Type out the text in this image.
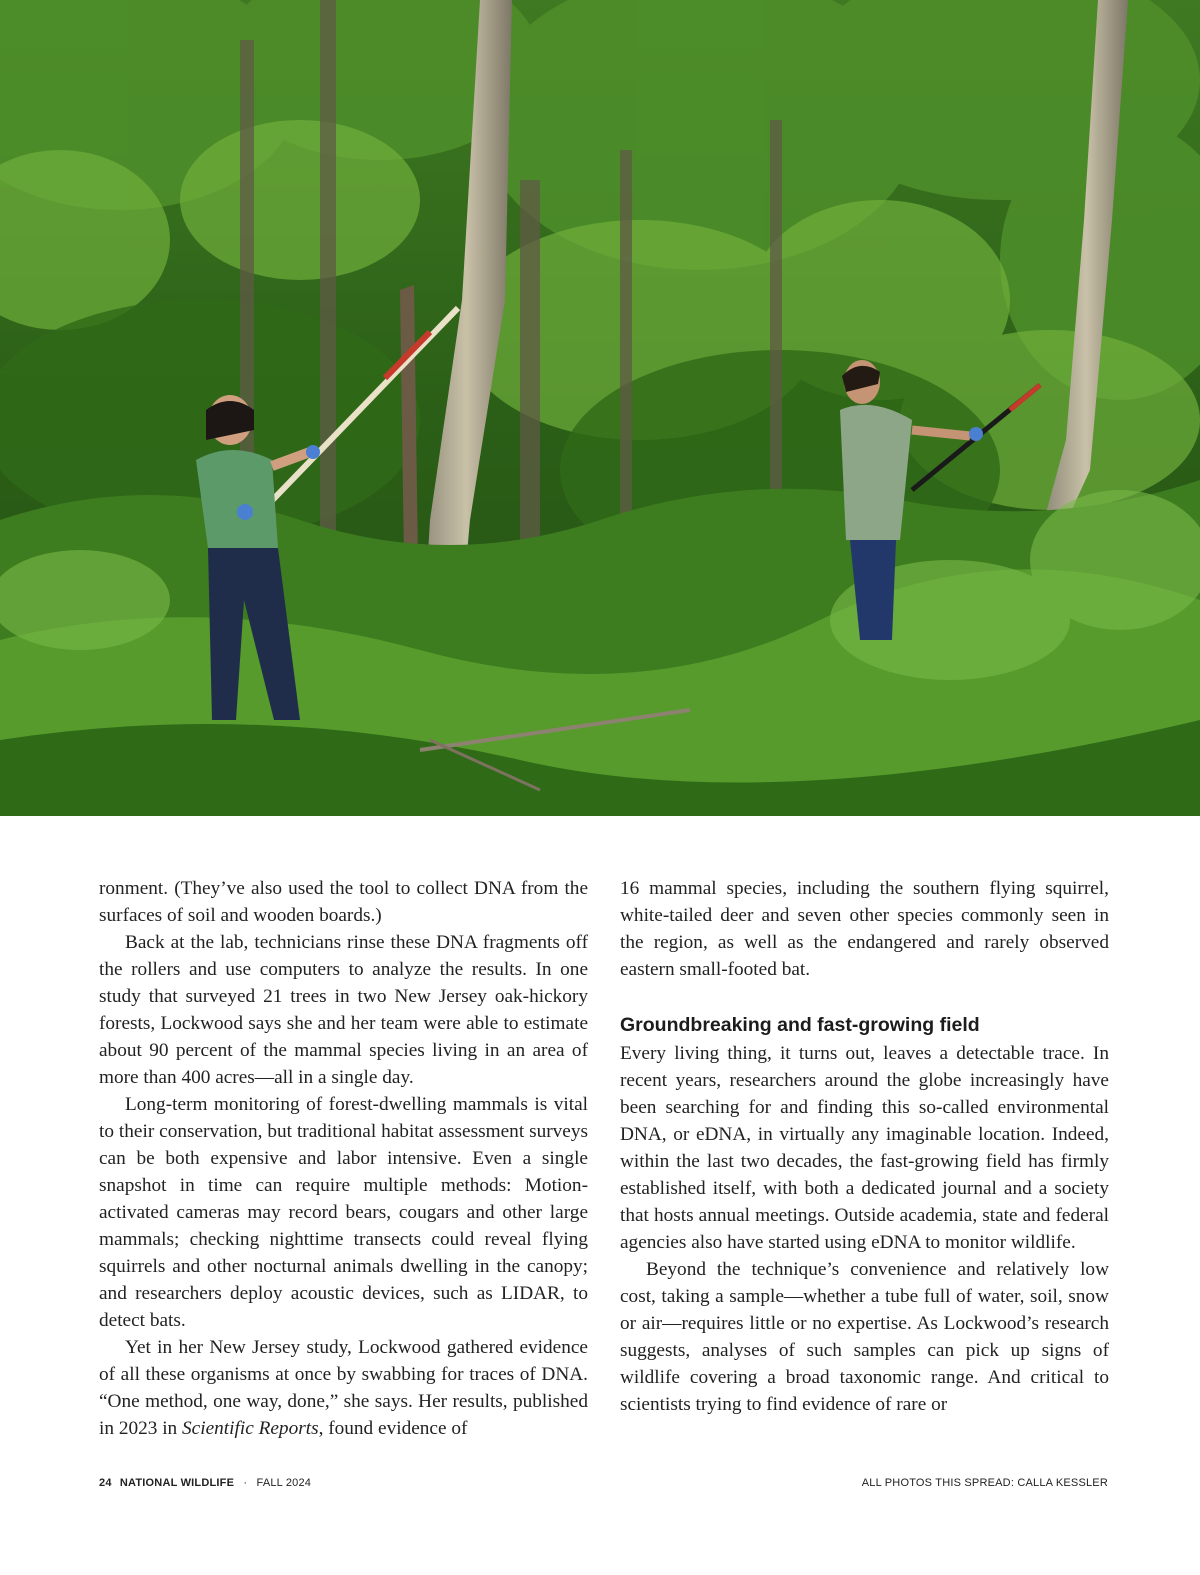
ronment. (They’ve also used the tool to collect DNA from the surfaces of soil and wooden boards.)

Back at the lab, technicians rinse these DNA fragments off the rollers and use computers to analyze the results. In one study that surveyed 21 trees in two New Jersey oak-hickory forests, Lockwood says she and her team were able to estimate about 90 percent of the mammal species living in an area of more than 400 acres—all in a single day.

Long-term monitoring of forest-dwelling mammals is vital to their conservation, but traditional habitat assessment surveys can be both expensive and labor intensive. Even a single snapshot in time can require multiple methods: Motion-activated cameras may record bears, cougars and other large mammals; checking nighttime transects could reveal flying squirrels and other nocturnal animals dwelling in the canopy; and researchers deploy acoustic devices, such as LIDAR, to detect bats.

Yet in her New Jersey study, Lockwood gathered evidence of all these organisms at once by swabbing for traces of DNA. “One method, one way, done,” she says. Her results, published in 2023 in Scientific Reports, found evidence of

16 mammal species, including the southern flying squirrel, white-tailed deer and seven other species commonly seen in the region, as well as the endangered and rarely observed eastern small-footed bat.

Groundbreaking and fast-growing field

Every living thing, it turns out, leaves a detectable trace. In recent years, researchers around the globe increasingly have been searching for and finding this so-called environmental DNA, or eDNA, in virtually any imaginable location. Indeed, within the last two decades, the fast-growing field has firmly established itself, with both a dedicated journal and a society that hosts annual meetings. Outside academia, state and federal agencies also have started using eDNA to monitor wildlife.

Beyond the technique’s convenience and relatively low cost, taking a sample—whether a tube full of water, soil, snow or air—requires little or no expertise. As Lockwood’s research suggests, analyses of such samples can pick up signs of wildlife covering a broad taxonomic range. And critical to scientists trying to find evidence of rare or

24 NATIONAL WILDLIFE · FALL 2024	ALL PHOTOS THIS SPREAD: CALLA KESSLER
